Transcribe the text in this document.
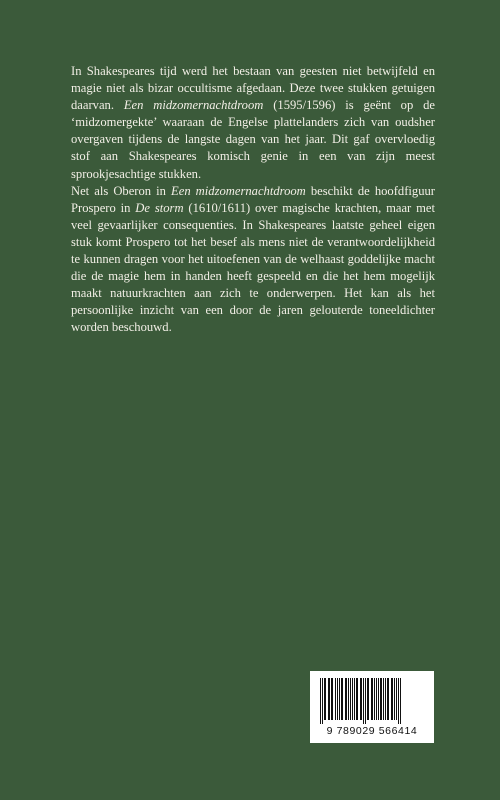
In Shakespeares tijd werd het bestaan van geesten niet betwijfeld en magie niet als bizar occultisme afgedaan. Deze twee stukken getuigen daarvan. Een midzomernachtdroom (1595/1596) is geënt op de ‘midzomergekte’ waaraan de Engelse plattelanders zich van oudsher overgaven tijdens de langste dagen van het jaar. Dit gaf overvloedig stof aan Shakespeares komisch genie in een van zijn meest sprookjesachtige stukken.

Net als Oberon in Een midzomernachtdroom beschikt de hoofdfiguur Prospero in De storm (1610/1611) over magische krachten, maar met veel gevaarlijker consequenties. In Shakespeares laatste geheel eigen stuk komt Prospero tot het besef als mens niet de verantwoordelijkheid te kunnen dragen voor het uitoefenen van de welhaast goddelijke macht die de magie hem in handen heeft gespeeld en die het hem mogelijk maakt natuurkrachten aan zich te onderwerpen. Het kan als het persoonlijke inzicht van een door de jaren gelouterde toneeldichter worden beschouwd.

9 789029 566414
